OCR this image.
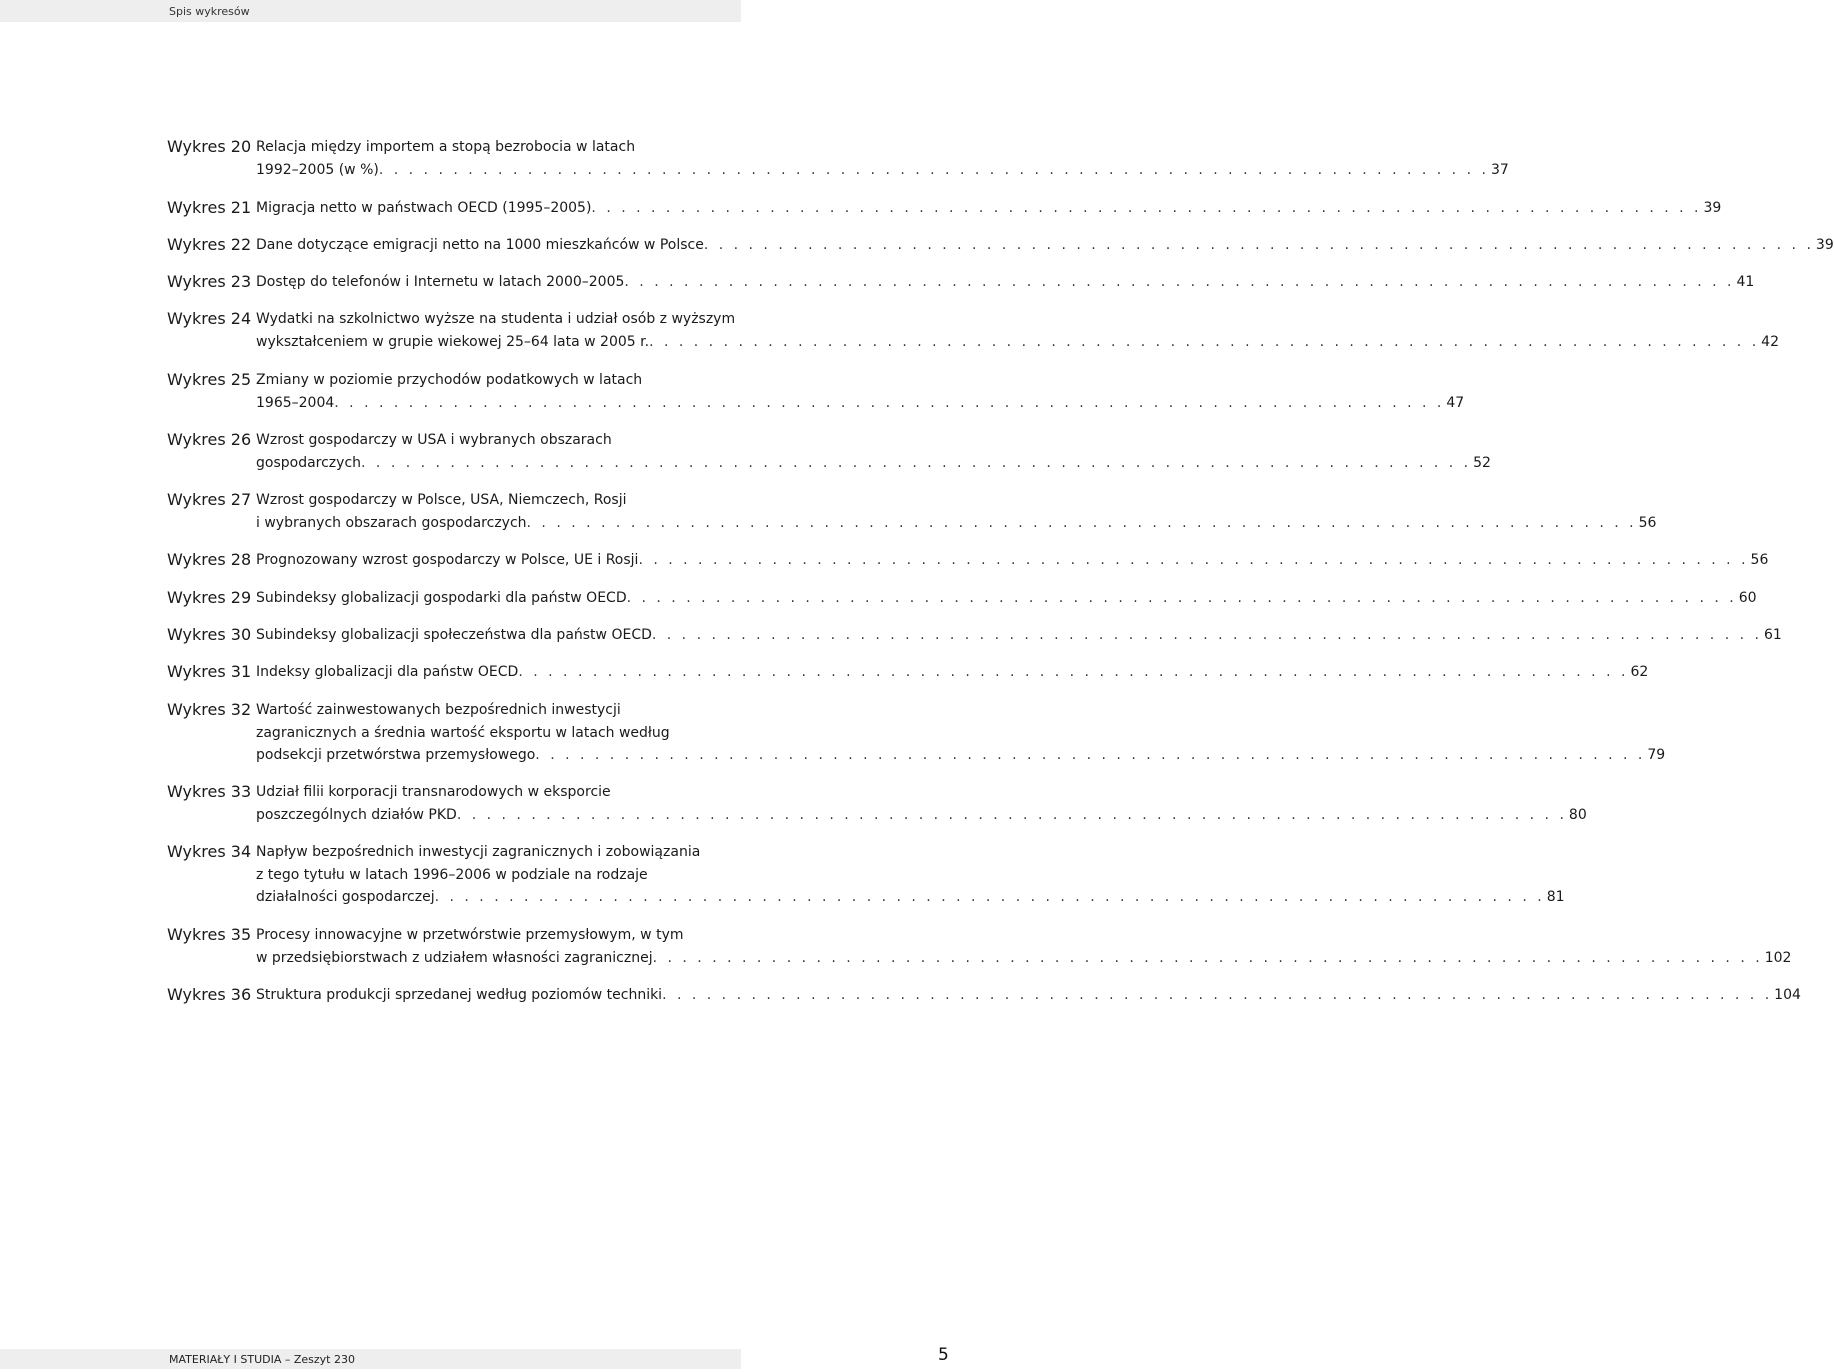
Spis wykresów
Wykres 20 Relacja między importem a stopą bezrobocia w latach
1992–2005 (w %) . . . . . . . . . . . . . . . . . . . . . . . . . . . . . . . . . . . . . . . . . . . . . . . . . . . . . . . . . . . . . . . . . . . . . . . . . . . 37
Wykres 21 Migracja netto w państwach OECD (1995–2005) . . . . . . . . . . . . . . . . . . . . . . . . . . . . . . . . . . . . . . . . . . . . . . . . . . . . . . . . . . . . . . . . . . . . . . . . . . . 39
Wykres 22 Dane dotyczące emigracji netto na 1000 mieszkańców w Polsce . . . . . . . . . . . . . . . . . . . . . . . . . . . . . . . . . . . . . . . . . . . . . . . . . . . . . . . . . . . . . . . . . . . . . . . . . . . 39
Wykres 23 Dostęp do telefonów i Internetu w latach 2000–2005 . . . . . . . . . . . . . . . . . . . . . . . . . . . . . . . . . . . . . . . . . . . . . . . . . . . . . . . . . . . . . . . . . . . . . . . . . . . 41
Wykres 24 Wydatki na szkolnictwo wyższe na studenta i udział osób z wyższym
wykształceniem w grupie wiekowej 25–64 lata w 2005 r. . . . . . . . . . . . . . . . . . . . . . . . . . . . . . . . . . . . . . . . . . . . . . . . . . . . . . . . . . . . . . . . . . . . . . . . . . . . 42
Wykres 25 Zmiany w poziomie przychodów podatkowych w latach
1965–2004 . . . . . . . . . . . . . . . . . . . . . . . . . . . . . . . . . . . . . . . . . . . . . . . . . . . . . . . . . . . . . . . . . . . . . . . . . . . 47
Wykres 26 Wzrost gospodarczy w USA i wybranych obszarach
gospodarczych . . . . . . . . . . . . . . . . . . . . . . . . . . . . . . . . . . . . . . . . . . . . . . . . . . . . . . . . . . . . . . . . . . . . . . . . . . . 52
Wykres 27 Wzrost gospodarczy w Polsce, USA, Niemczech, Rosji
i wybranych obszarach gospodarczych . . . . . . . . . . . . . . . . . . . . . . . . . . . . . . . . . . . . . . . . . . . . . . . . . . . . . . . . . . . . . . . . . . . . . . . . . . . 56
Wykres 28 Prognozowany wzrost gospodarczy w Polsce, UE i Rosji . . . . . . . . . . . . . . . . . . . . . . . . . . . . . . . . . . . . . . . . . . . . . . . . . . . . . . . . . . . . . . . . . . . . . . . . . . . 56
Wykres 29 Subindeksy globalizacji gospodarki dla państw OECD . . . . . . . . . . . . . . . . . . . . . . . . . . . . . . . . . . . . . . . . . . . . . . . . . . . . . . . . . . . . . . . . . . . . . . . . . . . 60
Wykres 30 Subindeksy globalizacji społeczeństwa dla państw OECD . . . . . . . . . . . . . . . . . . . . . . . . . . . . . . . . . . . . . . . . . . . . . . . . . . . . . . . . . . . . . . . . . . . . . . . . . . . 61
Wykres 31 Indeksy globalizacji dla państw OECD . . . . . . . . . . . . . . . . . . . . . . . . . . . . . . . . . . . . . . . . . . . . . . . . . . . . . . . . . . . . . . . . . . . . . . . . . . . 62
Wykres 32 Wartość zainwestowanych bezpośrednich inwestycji
zagranicznych a średnia wartość eksportu w latach według
podsekcji przetwórstwa przemysłowego . . . . . . . . . . . . . . . . . . . . . . . . . . . . . . . . . . . . . . . . . . . . . . . . . . . . . . . . . . . . . . . . . . . . . . . . . . . 79
Wykres 33 Udział filii korporacji transnarodowych w eksporcie
poszczególnych działów PKD . . . . . . . . . . . . . . . . . . . . . . . . . . . . . . . . . . . . . . . . . . . . . . . . . . . . . . . . . . . . . . . . . . . . . . . . . . . 80
Wykres 34 Napływ bezpośrednich inwestycji zagranicznych i zobowiązania
z tego tytułu w latach 1996–2006 w podziale na rodzaje
działalności gospodarczej . . . . . . . . . . . . . . . . . . . . . . . . . . . . . . . . . . . . . . . . . . . . . . . . . . . . . . . . . . . . . . . . . . . . . . . . . . . 81
Wykres 35 Procesy innowacyjne w przetwórstwie przemysłowym, w tym
w przedsiębiorstwach z udziałem własności zagranicznej . . . . . . . . . . . . . . . . . . . . . . . . . . . . . . . . . . . . . . . . . . . . . . . . . . . . . . . . . . . . . . . . . . . . . . . . . . . 102
Wykres 36 Struktura produkcji sprzedanej według poziomów techniki . . . . . . . . . . . . . . . . . . . . . . . . . . . . . . . . . . . . . . . . . . . . . . . . . . . . . . . . . . . . . . . . . . . . . . . . . . . 104
MATERIAŁY I STUDIA – Zeszyt 230	5
